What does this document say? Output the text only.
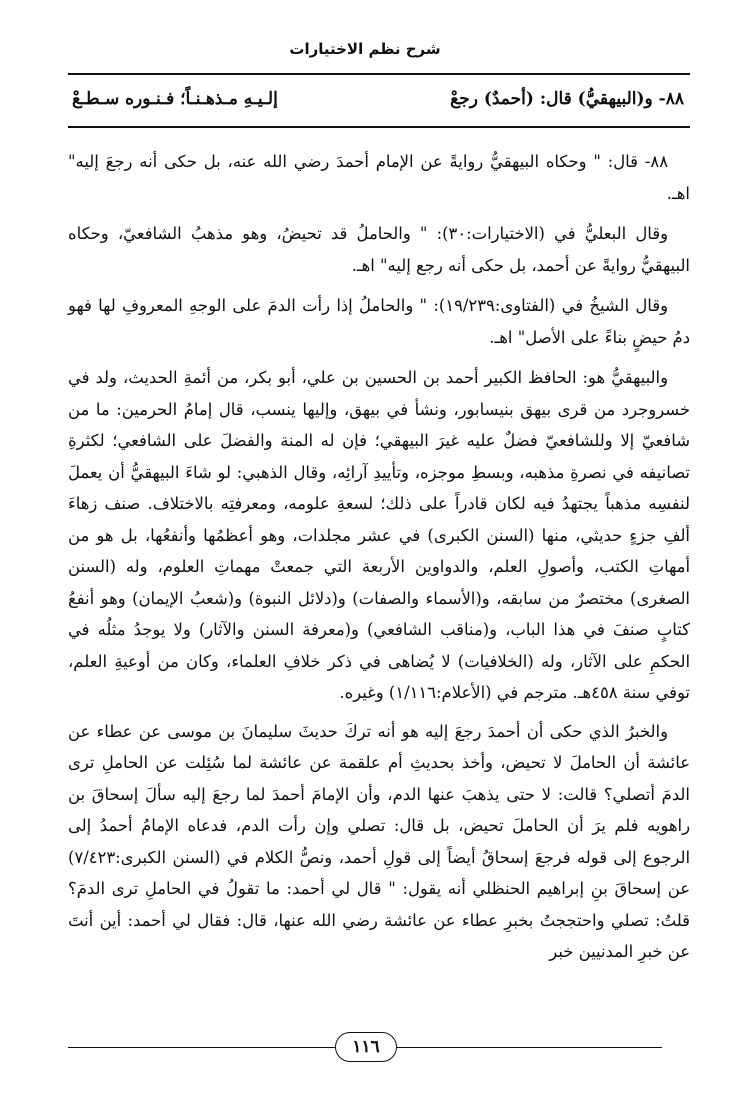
شرح نظم الاختيارات
٨٨- و(البيهقيُّ) قال: (أحمدٌ) رجعْ
إلـيـهِ مـذهـنـاً؛ فـنـوره سـطـعْ

٨٨- قال: " وحكاه البيهقيُّ روايةً عن الإمام أحمدَ رضي الله عنه، بل حكى أنه رجعَ إليه" اهـ.

وقال البعليُّ في (الاختيارات:٣٠): " والحاملُ قد تحيضُ، وهو مذهبُ الشافعيّ، وحكاه البيهقيُّ روايةً عن أحمد، بل حكى أنه رجع إليه" اهـ.

وقال الشيخُ في (الفتاوى:١٩/٢٣٩): " والحاملُ إذا رأت الدمَ على الوجهِ المعروفِ لها فهو دمُ حيضٍ بناءً على الأصل" اهـ.

والبيهقيُّ هو: الحافظ الكبير أحمد بن الحسين بن علي، أبو بكر، من أئمةِ الحديث، ولد في خسروجرد من قرى بيهق بنيسابور، ونشأ في بيهق، وإليها ينسب، قال إمامُ الحرمين: ما من شافعيّ إلا وللشافعيّ فضلٌ عليه غيرَ البيهقي؛ فإن له المنة والفضلَ على الشافعي؛ لكثرةِ تصانيفه في نصرةِ مذهبه، وبسطِ موجزه، وتأييدِ آرائِه، وقال الذهبي: لو شاءَ البيهقيُّ أن يعملَ لنفسِه مذهباً يجتهدُ فيه لكان قادراً على ذلك؛ لسعةِ علومه، ومعرفتِه بالاختلاف. صنف زهاءَ ألفِ جزءٍ حديثي، منها (السنن الكبرى) في عشر مجلدات، وهو أعظمُها وأنفعُها، بل هو من أمهاتِ الكتب، وأصولِ العلم، والدواوين الأربعة التي جمعتْ مهماتِ العلوم، وله (السنن الصغرى) مختصرٌ من سابقه، و(الأسماء والصفات) و(دلائل النبوة) و(شعبُ الإيمان) وهو أنفعُ كتابٍ صنفَ في هذا الباب، و(مناقب الشافعي) و(معرفة السنن والآثار) ولا يوجدُ مثلُه في الحكمِ على الآثار، وله (الخلافيات) لا يُضاهى في ذكر خلافِ العلماء، وكان من أوعيةِ العلم، توفي سنة ٤٥٨هـ. مترجم في (الأعلام:١/١١٦) وغيره.

والخبرُ الذي حكى أن أحمدَ رجعَ إليه هو أنه تركَ حديثَ سليمانَ بن موسى عن عطاء عن عائشة أن الحاملَ لا تحيض، وأخذ بحديثِ أم علقمة عن عائشة لما سُئِلت عن الحاملِ ترى الدمَ أتصلي؟ قالت: لا حتى يذهبَ عنها الدم، وأن الإمامَ أحمدَ لما رجعَ إليه سألَ إسحاقَ بن راهويه فلم يرَ أن الحاملَ تحيض، بل قال: تصلي وإن رأت الدم، فدعاه الإمامُ أحمدُ إلى الرجوع إلى قوله فرجعَ إسحاقُ أيضاً إلى قولِ أحمد، ونصُّ الكلام في (السنن الكبرى:٧/٤٢٣) عن إسحاقَ بنِ إبراهيم الحنظلي أنه يقول: " قال لي أحمد: ما تقولُ في الحاملِ ترى الدمَ؟ قلتُ: تصلي واحتججتُ بخبرِ عطاء عن عائشة رضي الله عنها، قال: فقال لي أحمد: أين أنتَ عن خبرِ المدنيين خبر

١١٦
